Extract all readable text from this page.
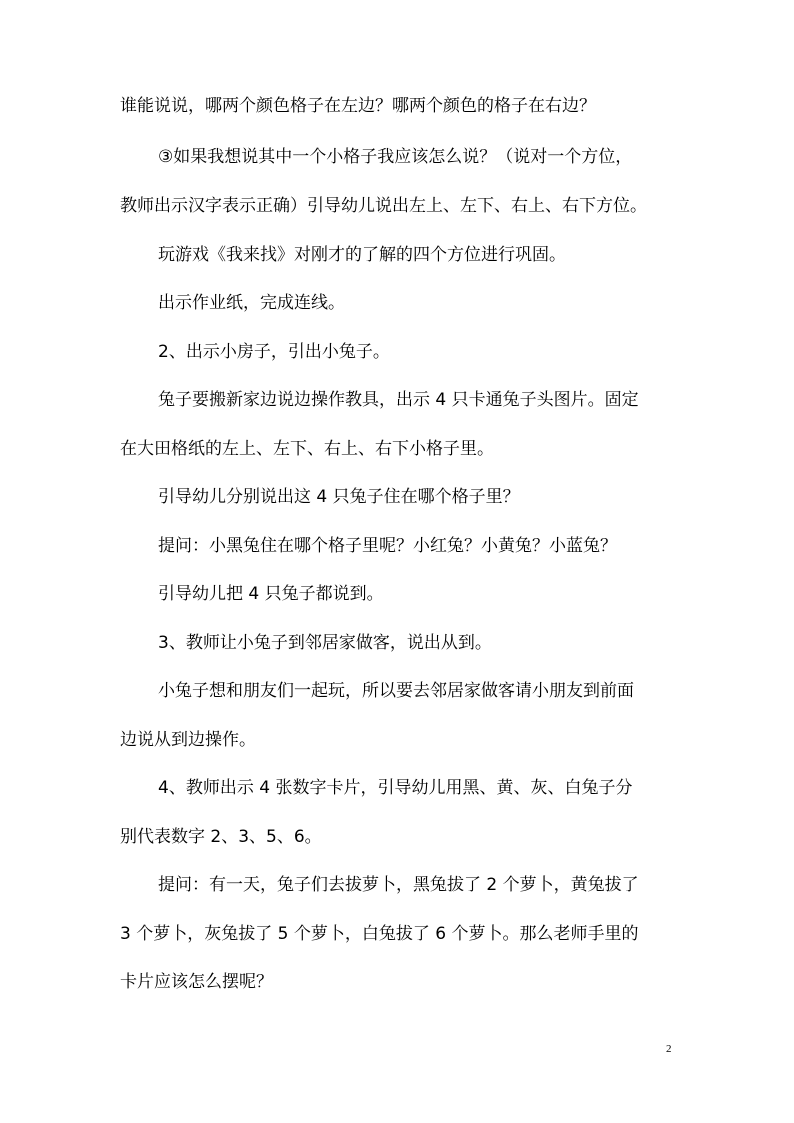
谁能说说，哪两个颜色格子在左边？哪两个颜色的格子在右边？
③如果我想说其中一个小格子我应该怎么说？（说对一个方位，
教师出示汉字表示正确）引导幼儿说出左上、左下、右上、右下方位。
玩游戏《我来找》对刚才的了解的四个方位进行巩固。
出示作业纸，完成连线。
2、出示小房子，引出小兔子。
兔子要搬新家边说边操作教具，出示 4 只卡通兔子头图片。固定
在大田格纸的左上、左下、右上、右下小格子里。
引导幼儿分别说出这 4 只兔子住在哪个格子里？
提问：小黑兔住在哪个格子里呢？小红兔？小黄兔？小蓝兔？
引导幼儿把 4 只兔子都说到。
3、教师让小兔子到邻居家做客，说出从到。
小兔子想和朋友们一起玩，所以要去邻居家做客请小朋友到前面
边说从到边操作。
4、教师出示 4 张数字卡片，引导幼儿用黑、黄、灰、白兔子分
别代表数字 2、3、5、6。
提问：有一天，兔子们去拔萝卜，黑兔拔了 2 个萝卜，黄兔拔了
3 个萝卜，灰兔拔了 5 个萝卜，白兔拔了 6 个萝卜。那么老师手里的
卡片应该怎么摆呢？
2
